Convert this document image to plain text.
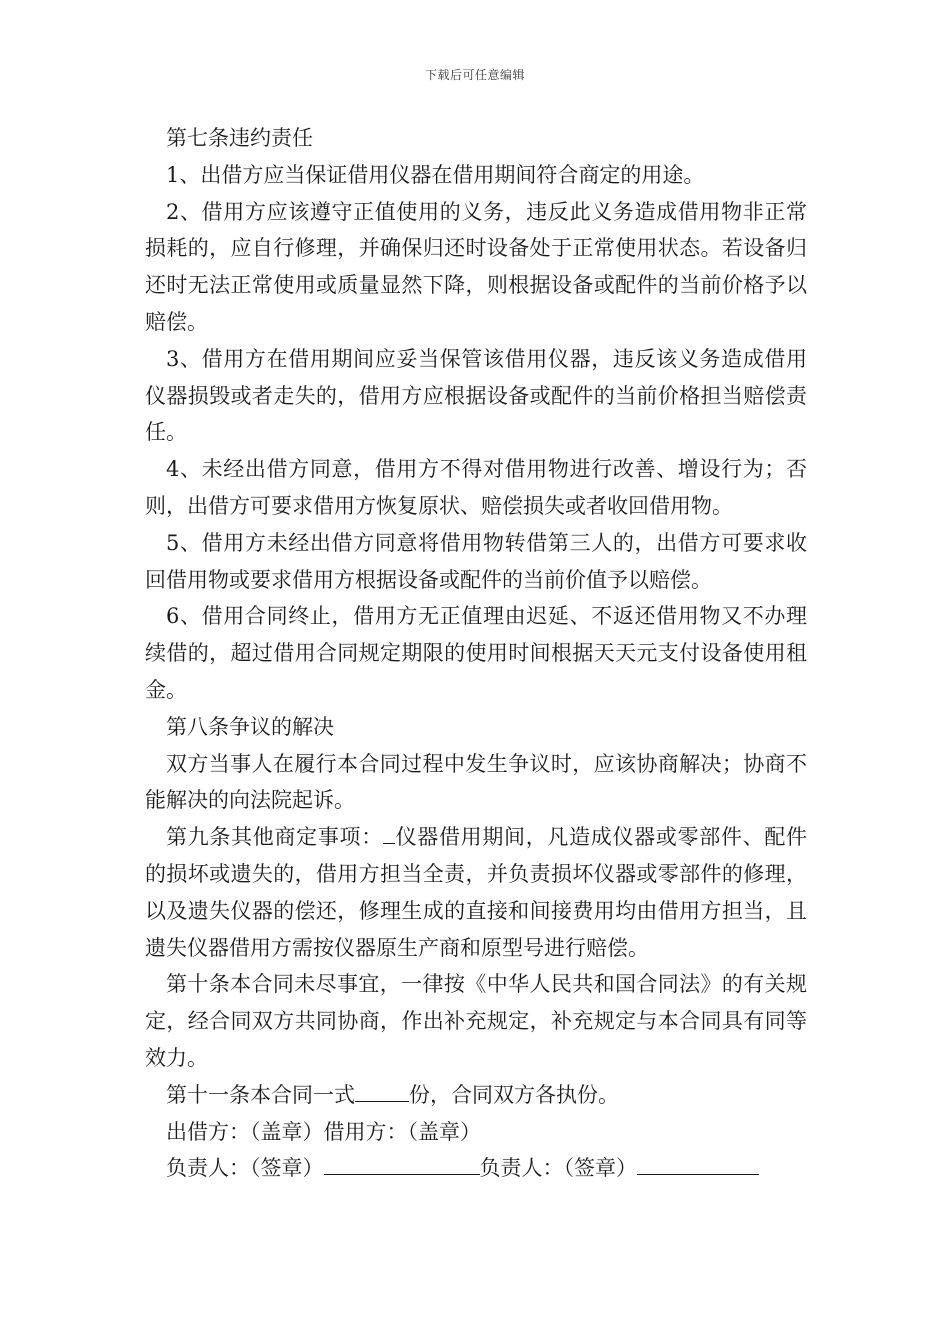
下载后可任意编辑

第七条违约责任

1、出借方应当保证借用仪器在借用期间符合商定的用途。

2、借用方应该遵守正值使用的义务，违反此义务造成借用物非正常损耗的，应自行修理，并确保归还时设备处于正常使用状态。若设备归还时无法正常使用或质量显然下降，则根据设备或配件的当前价格予以赔偿。

3、借用方在借用期间应妥当保管该借用仪器，违反该义务造成借用仪器损毁或者走失的，借用方应根据设备或配件的当前价格担当赔偿责任。

4、未经出借方同意，借用方不得对借用物进行改善、增设行为；否则，出借方可要求借用方恢复原状、赔偿损失或者收回借用物。

5、借用方未经出借方同意将借用物转借第三人的，出借方可要求收回借用物或要求借用方根据设备或配件的当前价值予以赔偿。

6、借用合同终止，借用方无正值理由迟延、不返还借用物又不办理续借的，超过借用合同规定期限的使用时间根据天天元支付设备使用租金。

第八条争议的解决

双方当事人在履行本合同过程中发生争议时，应该协商解决；协商不能解决的向法院起诉。

第九条其他商定事项： 仪器借用期间，凡造成仪器或零部件、配件的损坏或遗失的，借用方担当全责，并负责损坏仪器或零部件的修理，以及遗失仪器的偿还，修理生成的直接和间接费用均由借用方担当，且遗失仪器借用方需按仪器原生产商和原型号进行赔偿。

第十条本合同未尽事宜，一律按《中华人民共和国合同法》的有关规定，经合同双方共同协商，作出补充规定，补充规定与本合同具有同等效力。

第十一条本合同一式	份，合同双方各执份。

出借方：（盖章）借用方：（盖章）

负责人：（签章）	负责人：（签章）
